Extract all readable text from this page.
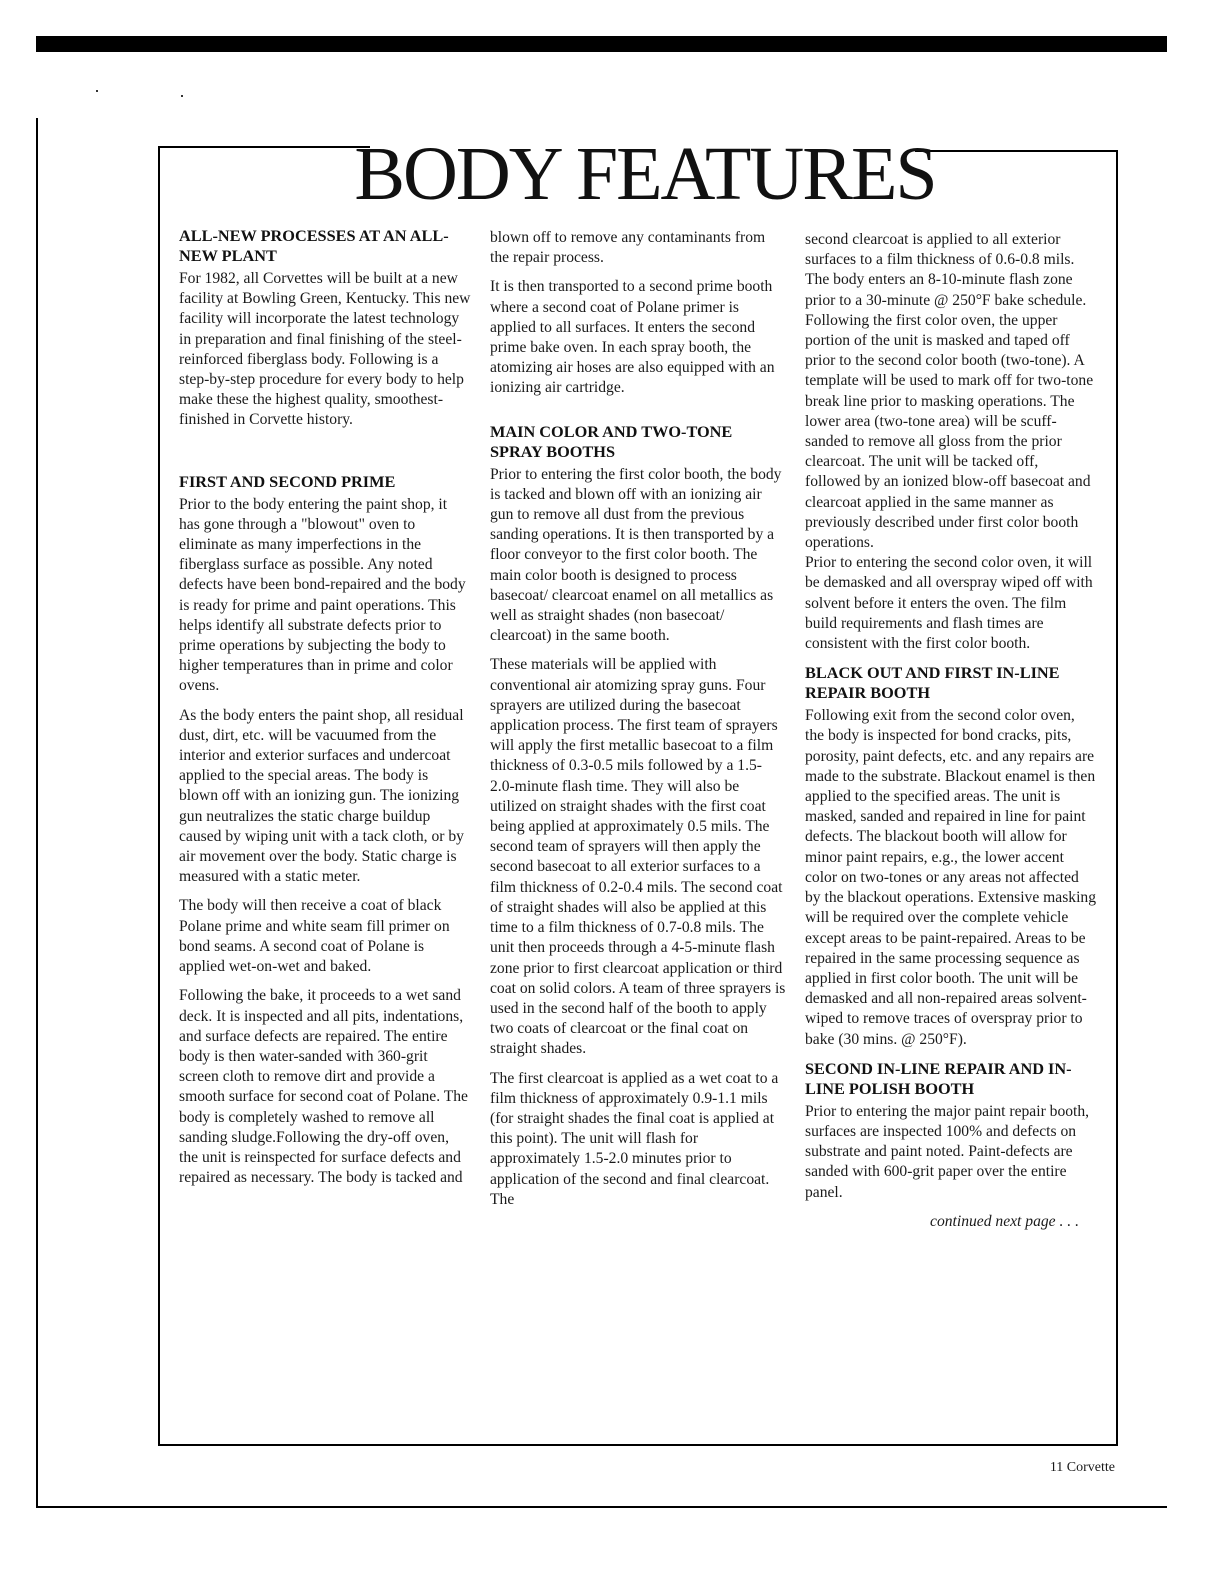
BODY FEATURES
ALL-NEW PROCESSES AT AN ALL-NEW PLANT

For 1982, all Corvettes will be built at a new facility at Bowling Green, Kentucky. This new facility will incorporate the latest technology in preparation and final finishing of the steel-reinforced fiberglass body. Following is a step-by-step procedure for every body to help make these the highest quality, smoothest-finished in Corvette history.

FIRST AND SECOND PRIME

Prior to the body entering the paint shop, it has gone through a "blowout" oven to eliminate as many imperfections in the fiberglass surface as possible. Any noted defects have been bond-repaired and the body is ready for prime and paint operations. This helps identify all substrate defects prior to prime operations by subjecting the body to higher temperatures than in prime and color ovens.

As the body enters the paint shop, all residual dust, dirt, etc. will be vacuumed from the interior and exterior surfaces and undercoat applied to the special areas. The body is blown off with an ionizing gun. The ionizing gun neutralizes the static charge buildup caused by wiping unit with a tack cloth, or by air movement over the body. Static charge is measured with a static meter.

The body will then receive a coat of black Polane prime and white seam fill primer on bond seams. A second coat of Polane is applied wet-on-wet and baked.

Following the bake, it proceeds to a wet sand deck. It is inspected and all pits, indentations, and surface defects are repaired. The entire body is then water-sanded with 360-grit screen cloth to remove dirt and provide a smooth surface for second coat of Polane. The body is completely washed to remove all sanding sludge.Following the dry-off oven, the unit is reinspected for surface defects and repaired as necessary. The body is tacked and

blown off to remove any contaminants from the repair process.

It is then transported to a second prime booth where a second coat of Polane primer is applied to all surfaces. It enters the second prime bake oven. In each spray booth, the atomizing air hoses are also equipped with an ionizing air cartridge.

MAIN COLOR AND TWO-TONE SPRAY BOOTHS

Prior to entering the first color booth, the body is tacked and blown off with an ionizing air gun to remove all dust from the previous sanding operations. It is then transported by a floor conveyor to the first color booth. The main color booth is designed to process basecoat/ clearcoat enamel on all metallics as well as straight shades (non basecoat/ clearcoat) in the same booth.

These materials will be applied with conventional air atomizing spray guns. Four sprayers are utilized during the basecoat application process. The first team of sprayers will apply the first metallic basecoat to a film thickness of 0.3-0.5 mils followed by a 1.5-2.0-minute flash time. They will also be utilized on straight shades with the first coat being applied at approximately 0.5 mils. The second team of sprayers will then apply the second basecoat to all exterior surfaces to a film thickness of 0.2-0.4 mils. The second coat of straight shades will also be applied at this time to a film thickness of 0.7-0.8 mils. The unit then proceeds through a 4-5-minute flash zone prior to first clearcoat application or third coat on solid colors. A team of three sprayers is used in the second half of the booth to apply two coats of clearcoat or the final coat on straight shades.

The first clearcoat is applied as a wet coat to a film thickness of approximately 0.9-1.1 mils (for straight shades the final coat is applied at this point). The unit will flash for approximately 1.5-2.0 minutes prior to application of the second and final clearcoat. The

second clearcoat is applied to all exterior surfaces to a film thickness of 0.6-0.8 mils. The body enters an 8-10-minute flash zone prior to a 30-minute @ 250°F bake schedule. Following the first color oven, the upper portion of the unit is masked and taped off prior to the second color booth (two-tone). A template will be used to mark off for two-tone break line prior to masking operations. The lower area (two-tone area) will be scuff-sanded to remove all gloss from the prior clearcoat. The unit will be tacked off, followed by an ionized blow-off basecoat and clearcoat applied in the same manner as previously described under first color booth operations.

Prior to entering the second color oven, it will be demasked and all overspray wiped off with solvent before it enters the oven. The film build requirements and flash times are consistent with the first color booth.

BLACK OUT AND FIRST IN-LINE REPAIR BOOTH

Following exit from the second color oven, the body is inspected for bond cracks, pits, porosity, paint defects, etc. and any repairs are made to the substrate. Blackout enamel is then applied to the specified areas. The unit is masked, sanded and repaired in line for paint defects. The blackout booth will allow for minor paint repairs, e.g., the lower accent color on two-tones or any areas not affected by the blackout operations. Extensive masking will be required over the complete vehicle except areas to be paint-repaired. Areas to be repaired in the same processing sequence as applied in first color booth. The unit will be demasked and all non-repaired areas solvent-wiped to remove traces of overspray prior to bake (30 mins. @ 250°F).

SECOND IN-LINE REPAIR AND IN-LINE POLISH BOOTH

Prior to entering the major paint repair booth, surfaces are inspected 100% and defects on substrate and paint noted. Paint-defects are sanded with 600-grit paper over the entire panel.

continued next page . . .

11 Corvette
